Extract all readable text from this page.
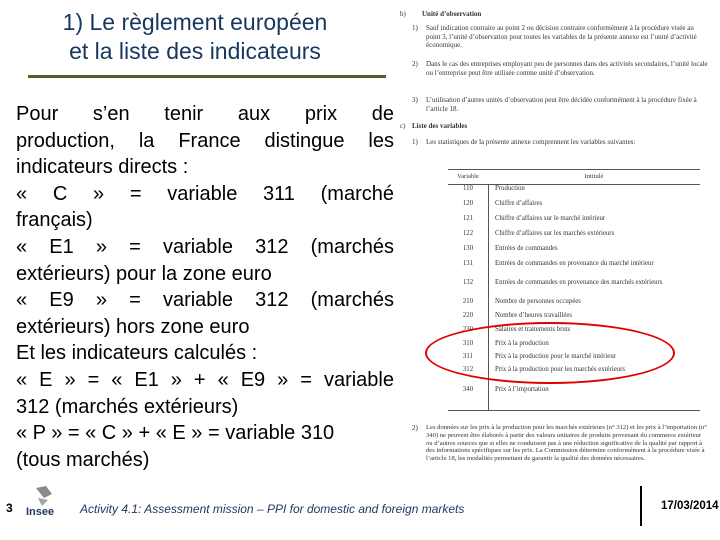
1) Le règlement européen
et la liste des indicateurs
Pour s’en tenir aux prix de
production, la France distingue les
indicateurs directs :
« C » = variable 311 (marché
français)
« E1 » = variable 312 (marchés
extérieurs) pour la zone euro
« E9 » = variable 312 (marchés
extérieurs) hors zone euro
Et les indicateurs calculés :
« E » = « E1 » + « E9 » = variable
312 (marchés extérieurs)
« P » = « C » + « E » = variable 310
(tous marchés)
b) Unité d’observation
1) Sauf indication contraire au point 2 ou décision contraire conformément à la procédure visée au point 3, l’unité d’observation pour toutes les variables de la présente annexe est l’unité d’activité économique.
2) Dans le cas des entreprises employant peu de personnes dans des activités secondaires, l’unité locale ou l’entreprise peut être utilisée comme unité d’observation.
3) L’utilisation d’autres unités d’observation peut être décidée conformément à la procédure fixée à l’article 18.
c) Liste des variables
1) Les statistiques de la présente annexe comprennent les variables suivantes:
Variable	Intitulé
110	Production
120	Chiffre d’affaires
121	Chiffre d’affaires sur le marché intérieur
122	Chiffre d’affaires sur les marchés extérieurs
130	Entrées de commandes
131	Entrées de commandes en provenance du marché intérieur
132	Entrées de commandes en provenance des marchés extérieurs
210	Nombre de personnes occupées
220	Nombre d’heures travaillées
230	Salaires et traitements bruts
310	Prix à la production
311	Prix à la production pour le marché intérieur
312	Prix à la production pour les marchés extérieurs
340	Prix à l’importation
2) Les données sur les prix à la production pour les marchés extérieurs (n° 312) et les prix à l’importation (n° 340) ne peuvent être élaborés à partir des valeurs unitaires de produits provenant du commerce extérieur ou d’autres sources que si elles ne conduisent pas à une réduction significative de la qualité par rapport à des informations spécifiques sur les prix. La Commission détermine conformément à la procédure visée à l’article 18, les modalités permettant de garantir la qualité des données nécessaires.
3 Insee Activity 4.1: Assessment mission – PPI for domestic and foreign markets	17/03/2014
